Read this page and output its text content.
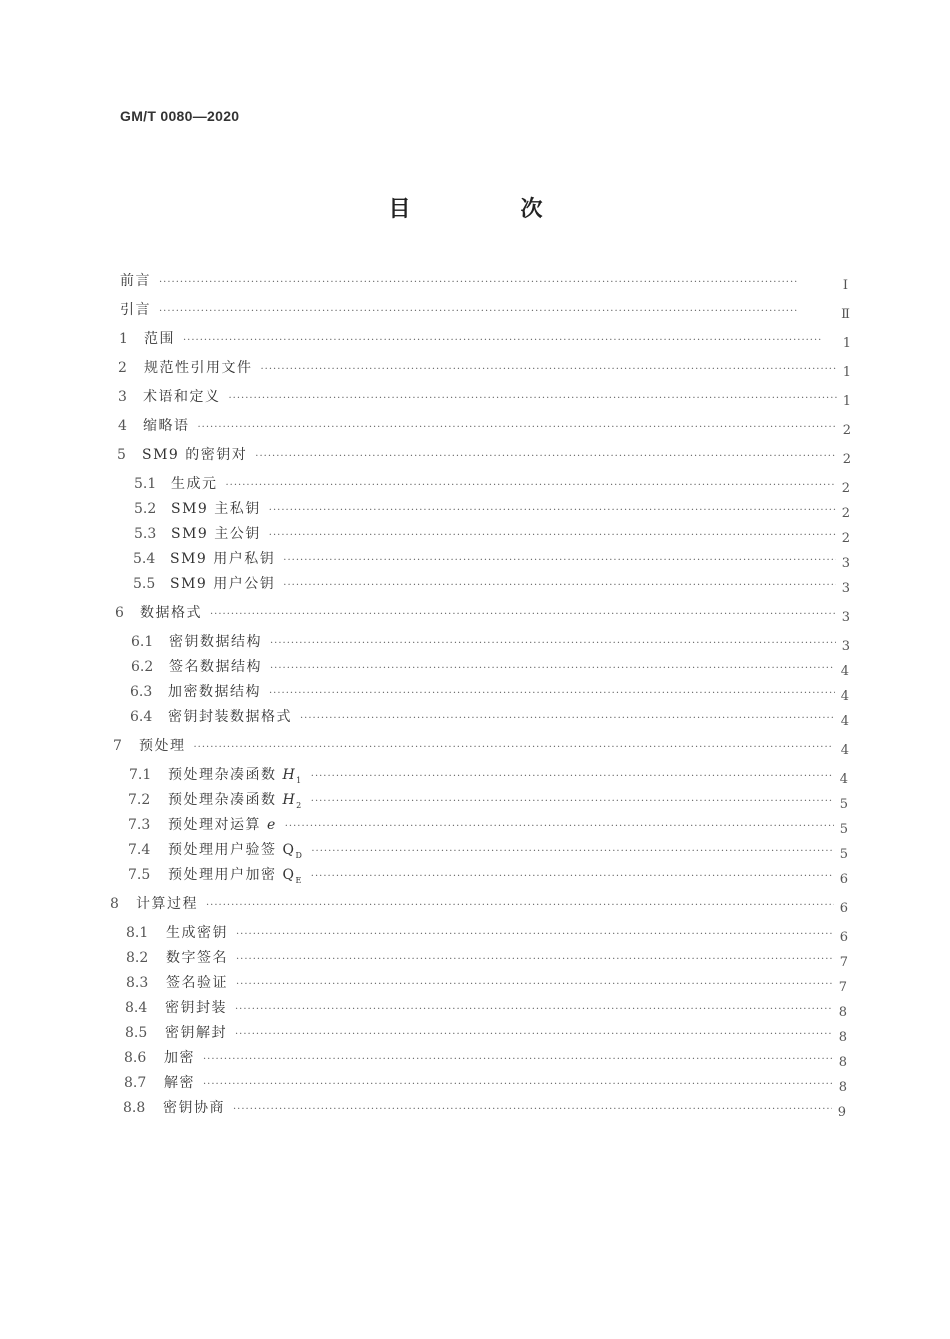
GM/T 0080—2020
目　次
前言 ·····	Ⅰ
引言 ·····	Ⅱ
1	范围 ·····	1
2	规范性引用文件 ·····	1
3	术语和定义 ·····	1
4	缩略语 ·····	2
5	SM9 的密钥对 ·····	2
5.1	生成元 ·····	2
5.2	SM9 主私钥 ·····	2
5.3	SM9 主公钥 ·····	2
5.4	SM9 用户私钥 ·····	3
5.5	SM9 用户公钥 ·····	3
6	数据格式 ·····	3
6.1	密钥数据结构 ·····	3
6.2	签名数据结构 ·····	4
6.3	加密数据结构 ·····	4
6.4	密钥封装数据格式 ·····	4
7	预处理 ·····	4
7.1	预处理杂凑函数 $H_1$ ·····	4
7.2	预处理杂凑函数 $H_2$ ·····	5
7.3	预处理对运算 e ·····	5
7.4	预处理用户验签 $Q_D$ ·····	5
7.5	预处理用户加密 $Q_E$ ·····	6
8	计算过程 ·····	6
8.1	生成密钥 ·····	6
8.2	数字签名 ·····	7
8.3	签名验证 ·····	7
8.4	密钥封装 ·····	8
8.5	密钥解封 ·····	8
8.6	加密 ·····	8
8.7	解密 ·····	8
8.8	密钥协商 ·····	9
